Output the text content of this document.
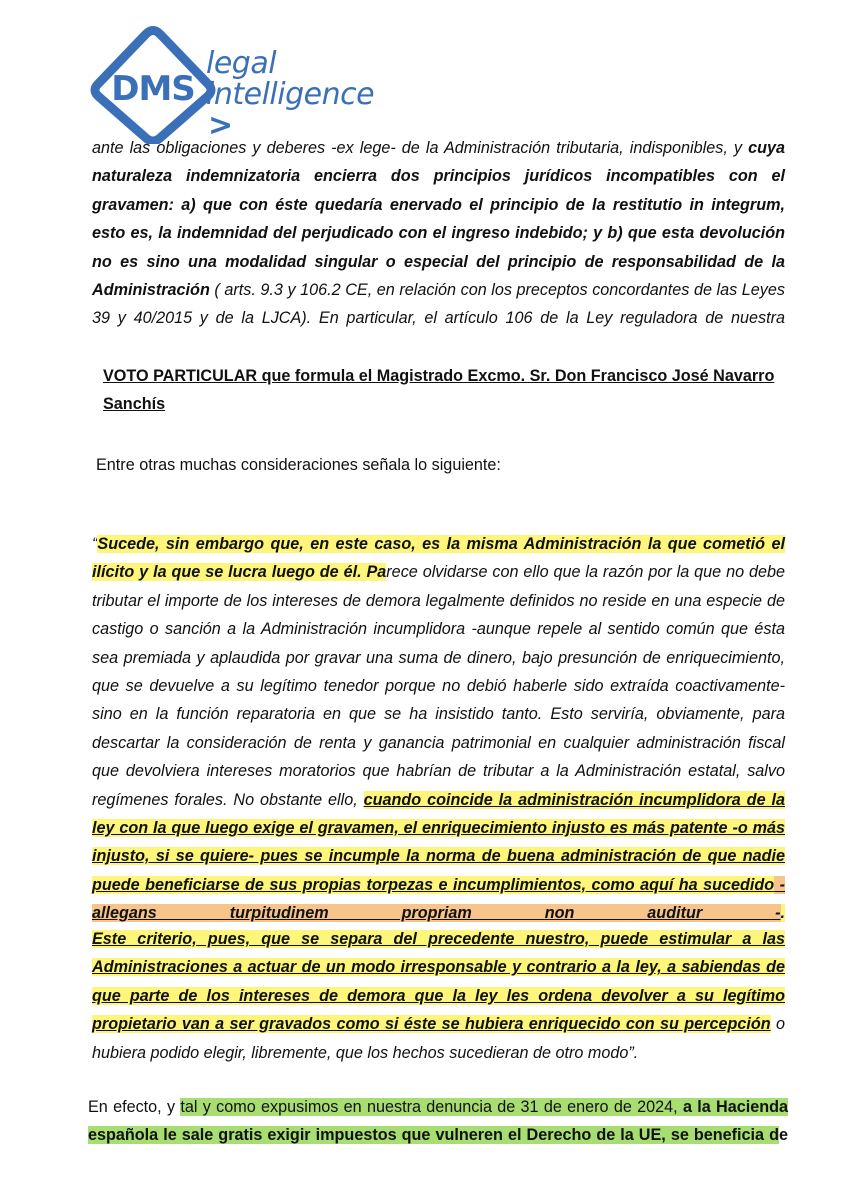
DMS
legal
intelligence
>
ante las obligaciones y deberes -ex lege- de la Administración tributaria, indisponibles, y cuya naturaleza indemnizatoria encierra dos principios jurídicos incompatibles con el gravamen: a) que con éste quedaría enervado el principio de la restitutio in integrum, esto es, la indemnidad del perjudicado con el ingreso indebido; y b) que esta devolución no es sino una modalidad singular o especial del principio de responsabilidad de la Administración ( arts. 9.3 y 106.2 CE, en relación con los preceptos concordantes de las Leyes 39 y 40/2015 y de la LJCA). En particular, el artículo 106 de la Ley reguladora de nuestra
VOTO PARTICULAR que formula el Magistrado Excmo. Sr. Don Francisco José Navarro Sanchís
Entre otras muchas consideraciones señala lo siguiente:
“Sucede, sin embargo que, en este caso, es la misma Administración la que cometió el ilícito y la que se lucra luego de él. Parece olvidarse con ello que la razón por la que no debe tributar el importe de los intereses de demora legalmente definidos no reside en una especie de castigo o sanción a la Administración incumplidora -aunque repele al sentido común que ésta sea premiada y aplaudida por gravar una suma de dinero, bajo presunción de enriquecimiento, que se devuelve a su legítimo tenedor porque no debió haberle sido extraída coactivamente- sino en la función reparatoria en que se ha insistido tanto. Esto serviría, obviamente, para descartar la consideración de renta y ganancia patrimonial en cualquier administración fiscal que devolviera intereses moratorios que habrían de tributar a la Administración estatal, salvo regímenes forales. No obstante ello, cuando coincide la administración incumplidora de la ley con la que luego exige el gravamen, el enriquecimiento injusto es más patente -o más injusto, si se quiere- pues se incumple la norma de buena administración de que nadie puede beneficiarse de sus propias torpezas e incumplimientos, como aquí ha sucedido - allegans turpitudinem propriam non auditur -.
Este criterio, pues, que se separa del precedente nuestro, puede estimular a las Administraciones a actuar de un modo irresponsable y contrario a la ley, a sabiendas de que parte de los intereses de demora que la ley les ordena devolver a su legítimo propietario van a ser gravados como si éste se hubiera enriquecido con su percepción o hubiera podido elegir, libremente, que los hechos sucedieran de otro modo”.
En efecto, y tal y como expusimos en nuestra denuncia de 31 de enero de 2024, a la Hacienda española le sale gratis exigir impuestos que vulneren el Derecho de la UE, se beneficia de
